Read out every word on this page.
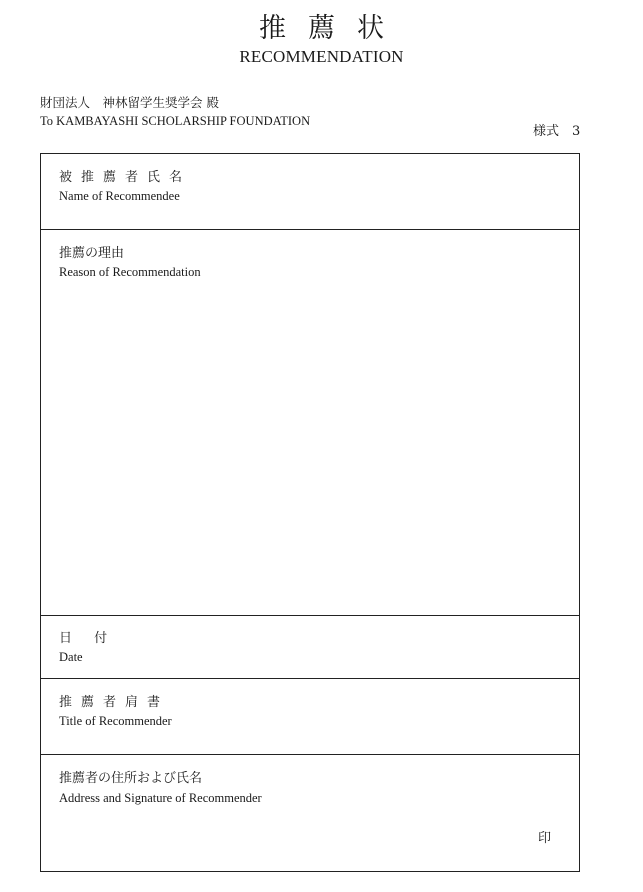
推薦状
RECOMMENDATION
財団法人　神林留学生奨学会 殿
To KAMBAYASHI SCHOLARSHIP FOUNDATION
様式　3
被推薦者氏名
Name of Recommendee
推薦の理由
Reason of Recommendation
日 付
Date
推薦者肩書
Title of Recommender
推薦者の住所および氏名
Address and Signature of Recommender
印
